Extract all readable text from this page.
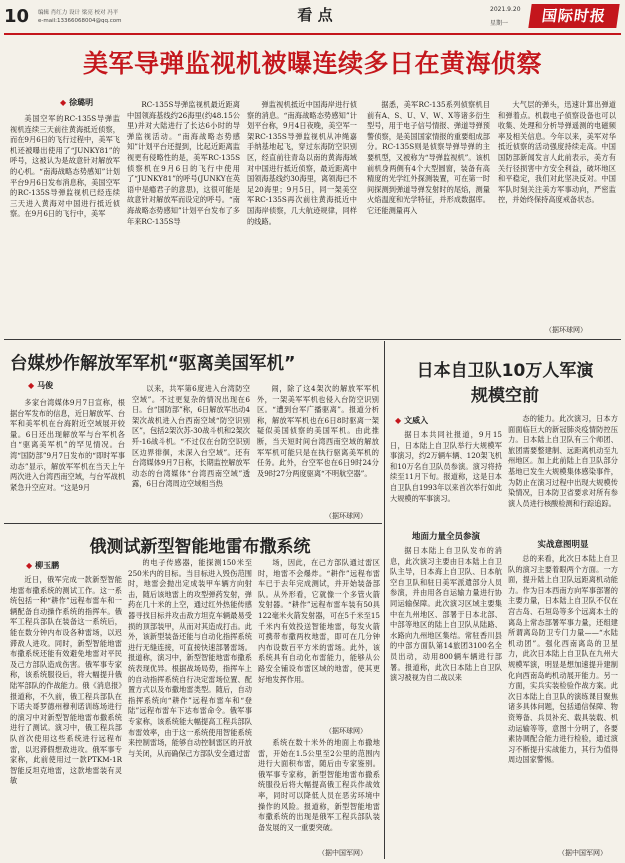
10 编辑 肖红力 设计 梁亮 校对 冯平
e-mail:13366068004@qq.com	看 点	2021.9.20
星期一	国际时报
美军导弹监视机被曝连续多日在黄海侦察
◆ 徐璐明

美国空军的RC-135S导弹监视机连续三天前往黄海抵近侦察，而在9月6日的飞行过程中，美军飞机还被曝出使用了“JUNKY81”的呼号，这被认为是故意针对解放军的心机。“南海战略态势感知”计划平台9月6日发布消息称，美国空军的RC-135S导弹监视机已经连续三天进入黄海对中国进行抵近侦察。在9月6日的飞行中，美军

RC-135S导弹监视机最近距离中国领海基线约26海里(约48.15公里)并对大陆进行了长达6小时的导弹监视活动。“南海战略态势感知”计划平台还提到，比起近距离监视更有侵略性的是，美军RC-135S侦察机在9月6日的飞行中使用了“JUNKY81”的呼号(JUNKY在英语中是瘾君子的意思)，这很可能是故意针对解放军而设定的呼号。“南海战略态势感知”计划平台发布了多年来RC-135S导

弹监视机抵近中国海岸进行侦察的消息。“南海战略态势感知”计划平台称，9月4日夜晚，美空军一架RC-135S导弹监视机从冲绳嘉手纳基地起飞，穿过东海防空识别区，经直前往青岛以南的黄海海域对中国进行抵近侦察，最近距离中国领海基线约30海里，离领海已不足20海里；9月5日，同一架美空军RC-135S再次前往黄海抵近中国海岸侦察，几大航迹规律，同样的线路。

据悉，美军RC-135系列侦察机目前有A、S、U、V、W、X等诸多衍生型号，用于电子信号情报、弹道导弹预警侦察，是美国国家情报的重要组成部分。RC-135S则是侦察导弹导弹的主要机型，又被称为“导弹监视机”。该机前机身两侧有4个大型圆窗，装备有高精度的光学红外探测装置，可在第一时间探测到弹道导弹发射时的尾焰，测量火焰温度和光学特征，并形成数据库。它还能测量再入

大气层的弹头，迅速计算出弹道和弹着点。机载电子侦察设备也可以收集、处理和分析导弹遥测的电磁频率及相关信息。今年以来，美军对华抵近侦察的活动强度持续走高。中国国防部新闻发言人此前表示，美方有关行径损害中方安全利益，破坏地区和平稳定，我们对此坚决反对。中国军队时刻关注美方军事动向，严密监控，并始终保持高度戒备状态。

（据环球网）
台媒炒作解放军军机“驱离美国军机”
◆ 马俊

多家台湾媒体9月7日宣称，根据台军发布的信息，近日解放军、台军和美军机在台海附近空域展开较量。6日还出现解放军与台军机各自“驱离美军机”的罕见情况。台湾“国防部”9月7日发布的“即时军事动态”显示，解放军军机在当天上午两次进入台湾西南空域，与台军战机紧急升空应对。“这是9月

以来，共军第6度进入台湾防空空域”。不过更复杂的情况出现在6日。台“国防部”称，6日解放军出动4架次战机进入台西南空域“防空识别区”，包括2架次苏-30战斗机和2架次歼-16战斗机。“不过仅在台防空识别区边界徘徊，未深入台空域”。还有台湾媒体9月7日称，长期监控解放军动态的台湾媒体“台湾西南空域”透露，6日台湾周边空域相当热

闹，除了这4架次的解放军军机外，一架美军军机也侵入台防空识别区。“遭到台军广播驱离”。报道分析称，解放军军机也在6日8时驱离一架疑似美国侦察的美国军机。由此推断，当天短时间台湾西南空域的解放军军机可能只是在执行驱离美军机的任务。此外，台空军也在6日9时24分及9时27分两度驱离“不明航空器”。

（据环球网）
日本自卫队10万人军演
规模空前
◆ 文威入

据日本共同社报道，9月15日，日本陆上自卫队举行大规模军事演习，约2万辆车辆、120架飞机和10万名自卫队员参演。演习将持续至11月下旬。报道称，这是日本自卫队自1993年以来首次举行如此大规模的军事演习。

地面力量全员参演

据日本陆上自卫队发布的消息，此次演习主要由日本陆上自卫队主导，日本海上自卫队、日本航空自卫队和驻日美军派遣部分人员参演，并由用各自运输力量进行协同运输保障。此次演习区域主要集中在九州地区、部署于日本北部、中部等地区的陆上自卫队从陆路、水路向九州地区集结。常驻香川县的中部方面队第14旅团3100名全员出动，动用800辆车辆进行部署。报道称，此次日本陆上自卫队演习被视为自二战以来

态的能力。此次演习，日本方面面临巨大的新冠肺炎疫情防控压力。日本陆上自卫队有三个师团、旅团需要整建制、远距离机动至九州地区。加上此前陆上自卫队部分基地已发生大规模集体感染事件，为防止在演习过程中出现大规模传染情况，日本防卫省要求对所有参演人员进行核酸检测和行踪追踪。

实战意图明显

总的来看，此次日本陆上自卫队的演习主要着眼两个方面。一方面，提升陆上自卫队远距离机动能力。作为日本西南方向军事部署的主要力量，日本陆上自卫队不仅在宫古岛、石垣岛等多个远离本土的离岛上常态部署军事力量，还组建所谓离岛防卫专门力量——“水陆机动团”。强化西南离岛的卫星力，此次日本陆上自卫队在九州大规模军演，明显是想加速提升建制化向西南岛屿机动展开能力。另一方面，实兵实装检验作战方案。此次日本陆上自卫队的演练课目聚焦诸多具体问题，包括通信保障、物资筹备、兵员补充、载具装载、机动运输等等，意图十分明了，各要素协调配合能力进行检验，通过演习不断提升实战能力，其行为值得周边国家警惕。

（据中国军网）
俄测试新型智能地雷布撒系统
◆ 柳玉鹏

近日，俄军完成一款新型智能地雷布撒系统的测试工作。这一系统包括一种“耕作”远程布雷车和一辆配备自动操作系统的指挥车。俄军工程兵部队在装备这一系统后，能在数分钟内布设各种雷场，以迟滞敌人进攻。同时，新型智能地雷布撒系统还能有效避免地雷对平民及己方部队造成伤害。俄军事专家称，该系统服役后，将大幅提升俄陆军部队的作战能力。俄《消息报》报道称，不久前，俄工程兵部队在下诺夫哥罗德州穆利诺训练场进行的演习中对新型智能地雷布撒系统进行了测试。演习中，俄工程兵部队首次使用这些系统进行远程布雷，以迟滞假想敌进攻。俄军事专家称，此前使用过一款PTKM-1R智能反坦克地雷，这款地雷装有灵敏

的电子传感器，能探测150米至250米内的目标。当目标进入毁伤范围时，地雷会抛出定成装甲车辆方向射击，随后该地雷上的攻型弹药发射，弹药在几十米的上空，通过红外热能传感器寻找目标并攻击敌方坦克车辆最易受损的顶部装甲，从而对其造成打击。此外，该新型装备还能与自动化指挥系统进行无缝连接，可直接快速部署雷场。报道称，演习中，新型智能地雷布撒系统表现优异。根据战场局势，指挥车上的自动指挥系统自行决定雷场位置、配置方式以及布撒地雷类型。随后，自动指挥系统向“耕作”远程布雷车和“登陆”远程布雷车下达布雷命令。俄军事专家称，该系统能大幅提高工程兵部队布雷效率，由于这一系统使用智能系统来控制雷场，能够自动控制雷区的开放与关闭，从而确保己方部队安全通过雷

场，因此，在己方部队通过雷区时，地雷不会爆炸。“耕作”远程布雷车已于去年完成测试，并开始装备部队。从外形看，它就像一个多管火箭发射器。“耕作”远程布雷车装有50具122毫米火箭发射器，可在5千米至15千米内有效投送智能地雷，每发火箭可携带布撒两枚地雷，即可在几分钟内布设数百平方米的雷场。此外，该系统具有自动化布雷能力，能够从公路安全铺设布雷区域的地雷，使其更好地发挥作用。

（据环球网）

系统在数十米外的地面上布撒地雷，开始在1.5公里至2公里的范围内进行大面积布雷，随后由专家鉴别。俄军事专家称，新型智能地雷布撒系统服役后将大幅提高俄工程兵作战效率，同时可以降低人员在恶劣环境中操作的风险。报道称，新型智能地雷布撒系统的出现是俄军工程兵部队装备发展的又一重要突破。

（据中国军网）
